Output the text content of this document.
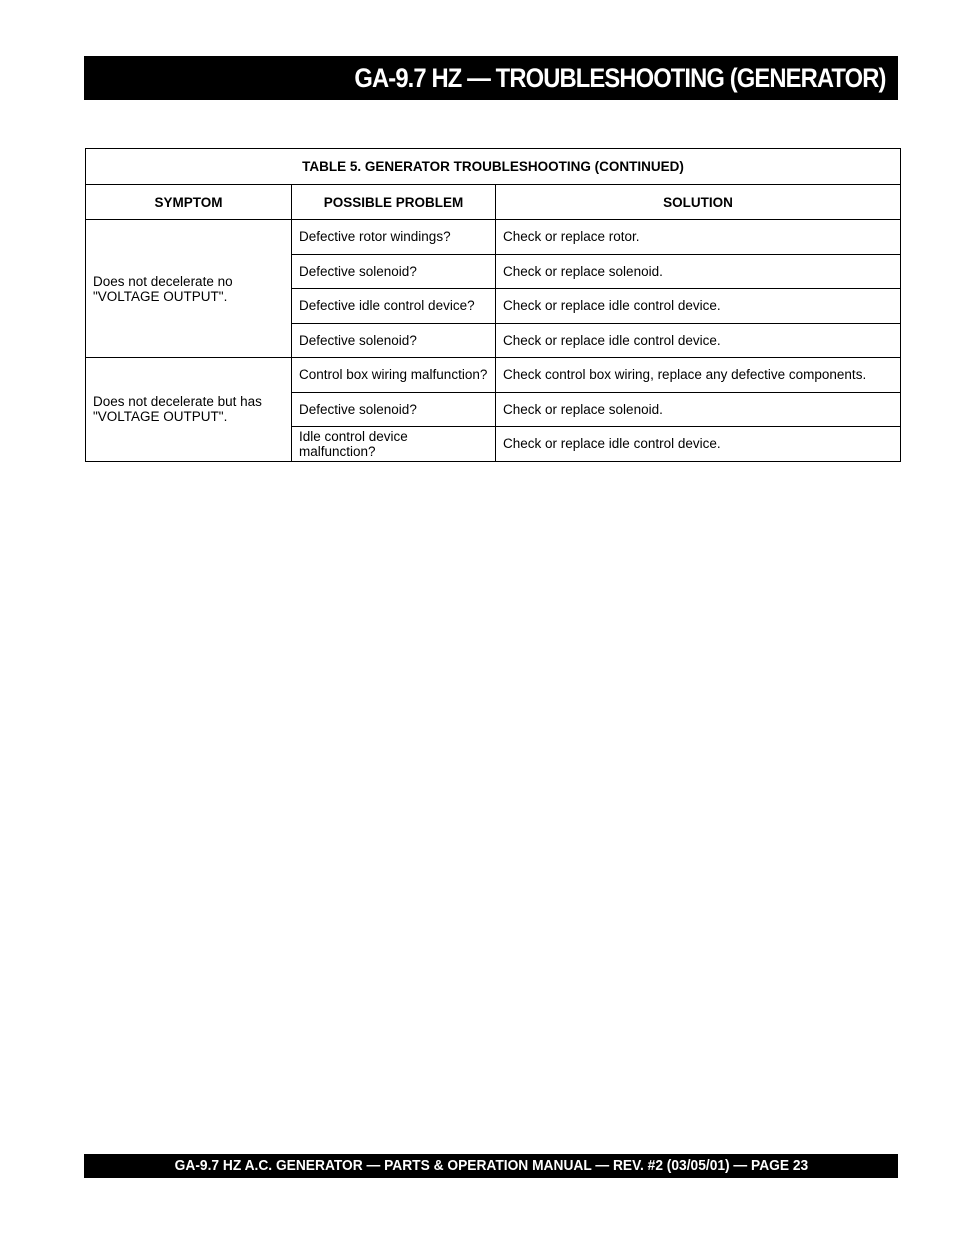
GA-9.7 HZ — TROUBLESHOOTING (GENERATOR)
TABLE 5. GENERATOR TROUBLESHOOTING (CONTINUED)		
SYMPTOM	POSSIBLE PROBLEM	SOLUTION
Does not decelerate no
"VOLTAGE OUTPUT".	Defective rotor windings?	Check or replace rotor.
	Defective solenoid?	Check or replace solenoid.
	Defective idle control device?	Check or replace idle control device.
	Defective solenoid?	Check or replace idle control device.
Does not decelerate but has
"VOLTAGE OUTPUT".	Control box wiring malfunction?	Check control box wiring, replace any defective components.
	Defective solenoid?	Check or replace solenoid.
	Idle control device malfunction?	Check or replace idle control device.
GA-9.7 HZ A.C. GENERATOR — PARTS & OPERATION MANUAL — REV. #2 (03/05/01) — PAGE 23
